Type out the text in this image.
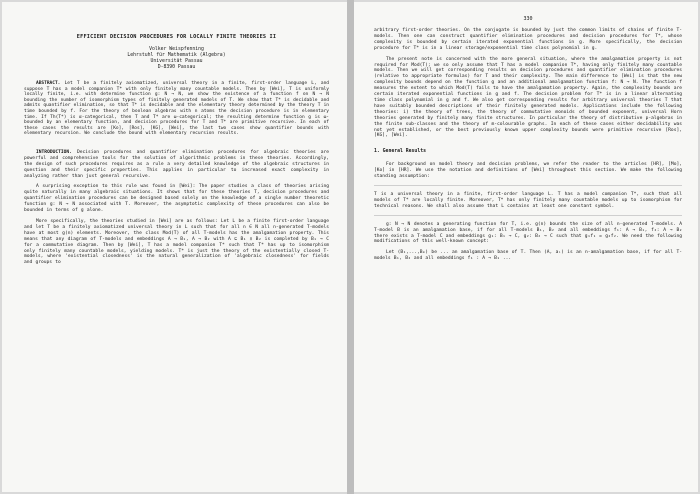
EFFICIENT DECISION PROCEDURES FOR LOCALLY FINITE THEORIES II
Volker Weispfenning
Lehrstuhl für Mathematik (Algebra)
Universität Passau
D-8390 Passau

ABSTRACT. Let T be a finitely axiomatized, universal theory in a finite, first-order language L, and suppose T has a model companion T* with only finitely many countable models. Then by [Wei], T is uniformly locally finite, i.e. with determine function g: N → N, we show the existence of a function f on N → N bounding the number of isomorphism types of finitely generated models of T. We show that T* is decidable and admits quantifier elimination, so that T* is decidable and the elementary theory determined by the theory T in time bounded by f. For the theory of boolean algebras with n atoms the decision procedure is in elementary time. If Th(T*) is α-categorical, then T and T* are ω-categorical; the resulting determine function g is ω-bounded by an elementary function, and decision procedures for T and T* are primitive recursive. In each of these cases the results are [Ko], [Ros], [KG], [Wei], the last two cases show quantifier bounds with elementary recursion. We conclude the bound with elementary recursion results.

INTRODUCTION. Decision procedures and quantifier elimination procedures for algebraic theories are powerful and comprehensive tools for the solution of algorithmic problems in these theories. Accordingly, the design of such procedures requires as a rule a very detailed knowledge of the algebraic structures in question and their specific properties. This applies in particular to increased exact complexity in analyzing rather than just general recursive.

A surprising exception to this rule was found in [Wei]: The paper studies a class of theories arising quite naturally in many algebraic situations. It shows that for these theories T, decision procedures and quantifier elimination procedures can be designed based solely on the knowledge of a single number theoretic function g: N → N associated with T. Moreover, the asymptotic complexity of these procedures can also be bounded in terms of g alone.

More specifically, the theories studied in [Wei] are as follows: Let L be a finite first-order language and let T be a finitely axiomatized universal theory in L such that for all n ∈ N all n-generated T-models have at most g(n) elements. Moreover, the class Mod(T) of all T-models has the amalgamation property. This means that any diagram of T-models and embeddings A → B₁, A → B₂ with A ⊆ B₁ ∩ B₂ is completed by B₁ → C for a commutative diagram. Then by [Wei], T has a model companion T* such that T* has up to isomorphism only finitely many countable models, yielding models. T* is just the theory of the existentially closed T-models, where 'existential closedness' is the natural generalization of 'algebraic closedness' for fields and groups to

330

arbitrary first-order theories. On the conjugate is bounded by just the common limits of chains of finite T-models. Then one can construct quantifier elimination procedures and decision procedures for T*, whose complexity is bounded by certain iterated exponential functions in g. More specifically, the decision procedure for T* is in a linear storage/exponential time class polynomial in g.

The present note is concerned with the more general situation, where the amalgamation property is not required for Mod(T); we so only assume that T has a model companion T*, having only finitely many countable models. Then we will get corresponding results on decision procedures and quantifier elimination procedures (relative to appropriate formulas) for T and their complexity. The main difference to [Wei] is that the new complexity bounds depend on the function g and an additional amalgamation function f: N → N. The function f measures the extent to which Mod(T) fails to have the amalgamation property. Again, the complexity bounds are certain iterated exponential functions in g and f. The decision problem for T* is in a linear alternating time class polynomial in g and f. We also get corresponding results for arbitrary universal theories T that have suitably bounded descriptions of their finitely generated models. Applications include the following theories: i) the theory of trees, the theory of commutative monoids of bounded exponent, universal Horn theories generated by finitely many finite structures. In particular the theory of distributive p-algebras in the finite sub-classes and the theory of m-colourable graphs. In each of these cases either decidability was not yet established, or the best previously known upper complexity bounds were primitive recursive [Ros], [KG], [Wei].

1. General Results

For background on model theory and decision problems, we refer the reader to the articles [HR], [Mo], [Ko] in [HR]. We use the notation and definitions of [Wei] throughout this section. We make the following standing assumption:

T is a universal theory in a finite, first-order language L. T has a model companion T*, such that all models of T* are locally finite. Moreover, T* has only finitely many countable models up to isomorphism for technical reasons. We shall also assume that L contains at least one constant symbol.

g: N → N denotes a generating function for T, i.e. g(n) bounds the size of all n-generated T-models. A T-model B is an amalgamation base, if for all T-models B₁, B₂ and all embeddings f₁: A → B₁, f₂: A → B₂ there exists a T-model C and embeddings g₁: B₁ → C, g₂: B₂ → C such that g₁f₁ = g₂f₂. We need the following modifications of this well-known concept:

Let (B₁,...,Bₘ) be ... an amalgamation base of T. Then (A, aᵢ) is an n-amalgamation base, if for all T-models B₁, B₂ and all embeddings f₁ : A → B₁ ...
